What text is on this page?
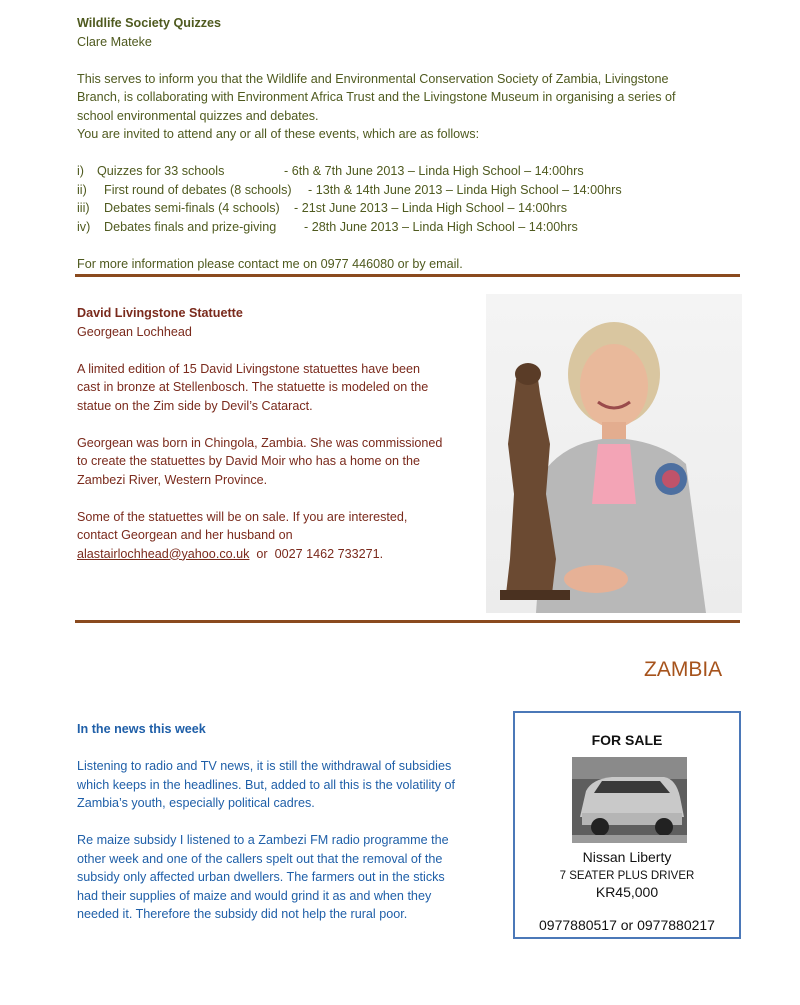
Wildlife Society Quizzes

Clare Mateke

This serves to inform you that the Wildlife and Environmental Conservation Society of Zambia, Livingstone

Branch, is collaborating with Environment Africa Trust and the Livingstone Museum in organising a series of

school environmental quizzes and debates.

You are invited to attend any or all of these events, which are as follows:

i)	Quizzes for 33 schools	- 6th & 7th June 2013 – Linda High School – 14:00hrs
ii)	First round of debates (8 schools)	- 13th & 14th June 2013 – Linda High School – 14:00hrs
iii)	Debates semi-finals (4 schools)	- 21st June 2013 – Linda High School – 14:00hrs
iv)	Debates finals and prize-giving	- 28th June 2013 – Linda High School – 14:00hrs

For more information please contact me on 0977 446080 or by email.

David Livingstone Statuette

Georgean Lochhead

A limited edition of 15 David Livingstone statuettes have been

cast in bronze at Stellenbosch. The statuette is modeled on the

statue on the Zim side by Devil’s Cataract.

Georgean was born in Chingola, Zambia. She was commissioned

to create the statuettes by David Moir who has a home on the

Zambezi River, Western Province.

Some of the statuettes will be on sale. If you are interested,

contact Georgean and her husband on

alastairlochhead@yahoo.co.uk  or  0027 1462 733271.

ZAMBIA

In the news this week

Listening to radio and TV news, it is still the withdrawal of subsidies

which keeps in the headlines. But, added to all this is the volatility of

Zambia’s youth, especially political cadres.

Re maize subsidy I listened to a Zambezi FM radio programme the

other week and one of the callers spelt out that the removal of the

subsidy only affected urban dwellers. The farmers out in the sticks

had their supplies of maize and would grind it as and when they

needed it. Therefore the subsidy did not help the rural poor.

FOR SALE
Nissan Liberty
7 SEATER PLUS DRIVER
KR45,000
0977880517 or 0977880217
